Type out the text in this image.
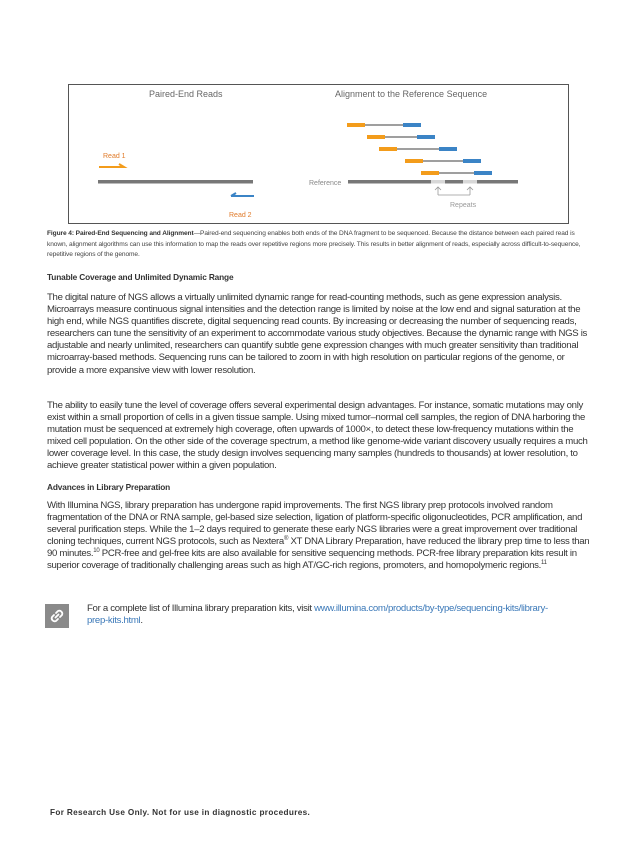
Paired-End Reads	Alignment to the Reference Sequence
Read 1
Read 2
Reference
Repeats
Figure 4: Paired-End Sequencing and Alignment—Paired-end sequencing enables both ends of the DNA fragment to be sequenced. Because the distance between each paired read is known, alignment algorithms can use this information to map the reads over repetitive regions more precisely. This results in better alignment of reads, especially across difficult-to-sequence, repetitive regions of the genome.
Tunable Coverage and Unlimited Dynamic Range

The digital nature of NGS allows a virtually unlimited dynamic range for read-counting methods, such as gene expression analysis. Microarrays measure continuous signal intensities and the detection range is limited by noise at the low end and signal saturation at the high end, while NGS quantifies discrete, digital sequencing read counts. By increasing or decreasing the number of sequencing reads, researchers can tune the sensitivity of an experiment to accommodate various study objectives. Because the dynamic range with NGS is adjustable and nearly unlimited, researchers can quantify subtle gene expression changes with much greater sensitivity than traditional microarray-based methods. Sequencing runs can be tailored to zoom in with high resolution on particular regions of the genome, or provide a more expansive view with lower resolution.

The ability to easily tune the level of coverage offers several experimental design advantages. For instance, somatic mutations may only exist within a small proportion of cells in a given tissue sample. Using mixed tumor–normal cell samples, the region of DNA harboring the mutation must be sequenced at extremely high coverage, often upwards of 1000×, to detect these low-frequency mutations within the mixed cell population. On the other side of the coverage spectrum, a method like genome-wide variant discovery usually requires a much lower coverage level. In this case, the study design involves sequencing many samples (hundreds to thousands) at lower resolution, to achieve greater statistical power within a given population.

Advances in Library Preparation

With Illumina NGS, library preparation has undergone rapid improvements. The first NGS library prep protocols involved random fragmentation of the DNA or RNA sample, gel-based size selection, ligation of platform-specific oligonucleotides, PCR amplification, and several purification steps. While the 1–2 days required to generate these early NGS libraries were a great improvement over traditional cloning techniques, current NGS protocols, such as Nextera® XT DNA Library Preparation, have reduced the library prep time to less than 90 minutes.$^{10}$ PCR-free and gel-free kits are also available for sensitive sequencing methods. PCR-free library preparation kits result in superior coverage of traditionally challenging areas such as high AT/GC-rich regions, promoters, and homopolymeric regions.$^{11}$

For a complete list of Illumina library preparation kits, visit www.illumina.com/products/by-type/sequencing-kits/library-prep-kits.html.

For Research Use Only. Not for use in diagnostic procedures.
